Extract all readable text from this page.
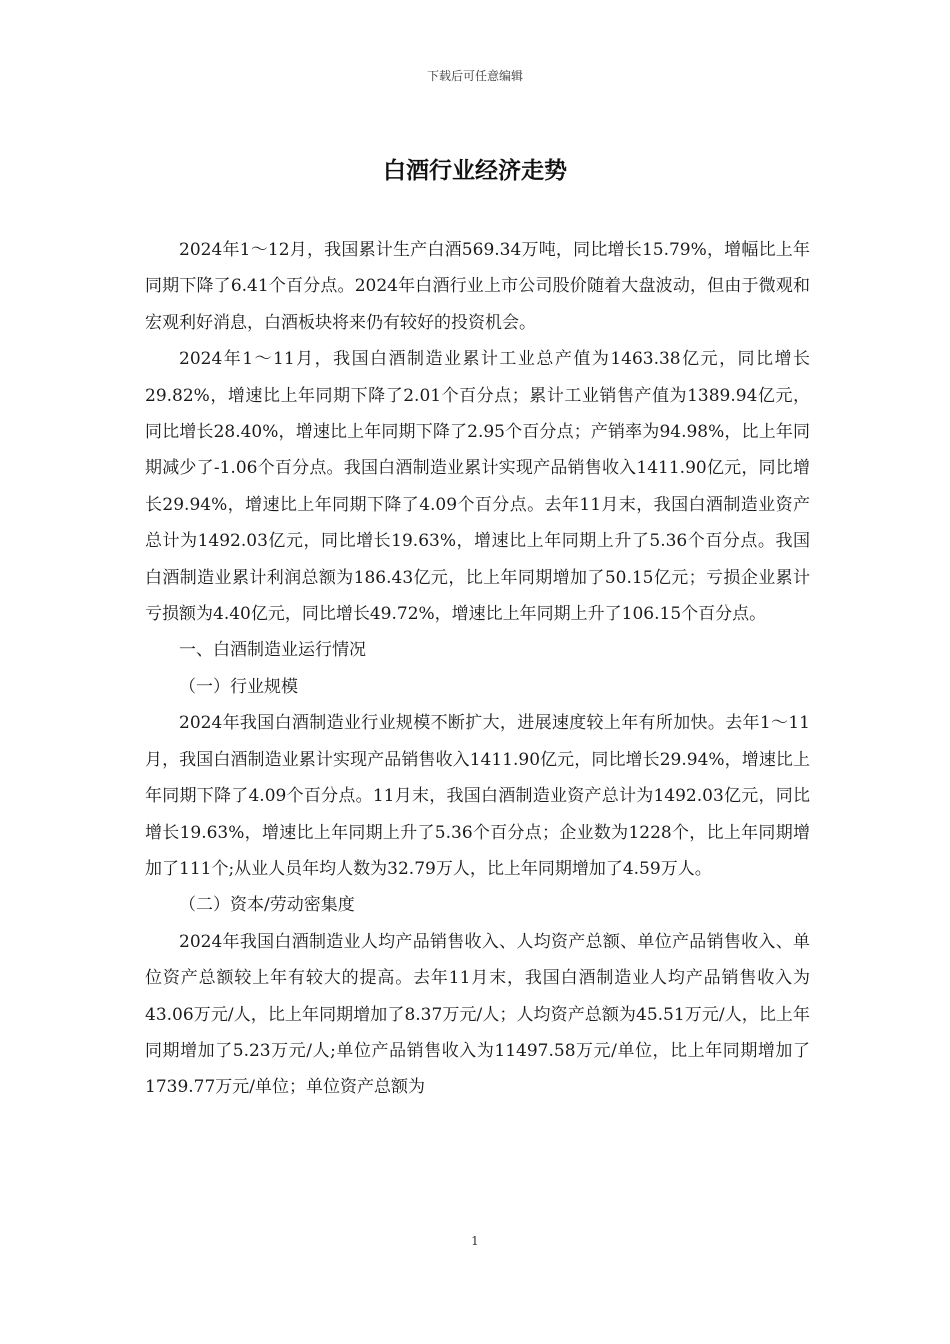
下载后可任意编辑
白酒行业经济走势

2024年1～12月，我国累计生产白酒569.34万吨，同比增长15.79%，增幅比上年同期下降了6.41个百分点。2024年白酒行业上市公司股价随着大盘波动，但由于微观和宏观利好消息，白酒板块将来仍有较好的投资机会。

2024年1～11月，我国白酒制造业累计工业总产值为1463.38亿元，同比增长29.82%，增速比上年同期下降了2.01个百分点；累计工业销售产值为1389.94亿元，同比增长28.40%，增速比上年同期下降了2.95个百分点；产销率为94.98%，比上年同期减少了-1.06个百分点。我国白酒制造业累计实现产品销售收入1411.90亿元，同比增长29.94%，增速比上年同期下降了4.09个百分点。去年11月末，我国白酒制造业资产总计为1492.03亿元，同比增长19.63%，增速比上年同期上升了5.36个百分点。我国白酒制造业累计利润总额为186.43亿元，比上年同期增加了50.15亿元；亏损企业累计亏损额为4.40亿元，同比增长49.72%，增速比上年同期上升了106.15个百分点。

一、白酒制造业运行情况

（一）行业规模

2024年我国白酒制造业行业规模不断扩大，进展速度较上年有所加快。去年1～11月，我国白酒制造业累计实现产品销售收入1411.90亿元，同比增长29.94%，增速比上年同期下降了4.09个百分点。11月末，我国白酒制造业资产总计为1492.03亿元，同比增长19.63%，增速比上年同期上升了5.36个百分点；企业数为1228个，比上年同期增加了111个;从业人员年均人数为32.79万人，比上年同期增加了4.59万人。

（二）资本/劳动密集度

2024年我国白酒制造业人均产品销售收入、人均资产总额、单位产品销售收入、单位资产总额较上年有较大的提高。去年11月末，我国白酒制造业人均产品销售收入为43.06万元/人，比上年同期增加了8.37万元/人；人均资产总额为45.51万元/人，比上年同期增加了5.23万元/人;单位产品销售收入为11497.58万元/单位，比上年同期增加了1739.77万元/单位；单位资产总额为

1
